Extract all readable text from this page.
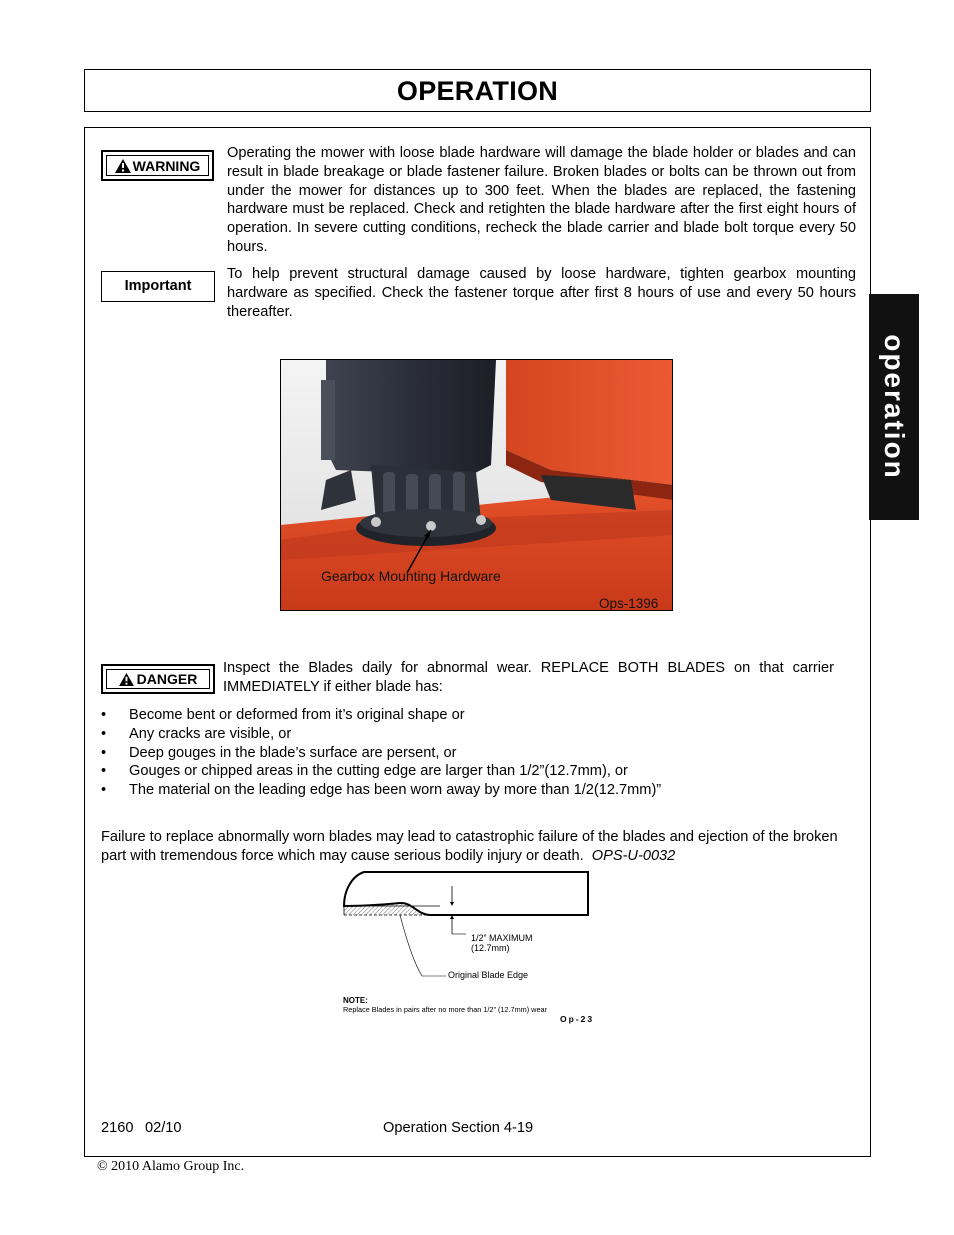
OPERATION
operation
WARNING
Operating the mower with loose blade hardware will damage the blade holder or blades and can result in blade breakage or blade fastener failure. Broken blades or bolts can be thrown out from under the mower for distances up to 300 feet. When the blades are replaced, the fastening hardware must be replaced. Check and retighten the blade hardware after the first eight hours of operation. In severe cutting conditions, recheck the blade carrier and blade bolt torque every 50 hours.
Important
To help prevent structural damage caused by loose hardware, tighten gearbox mounting hardware as specified. Check the fastener torque after first 8 hours of use and every 50 hours thereafter.
Gearbox Mounting Hardware
Ops-1396
DANGER
Inspect the Blades daily for abnormal wear. REPLACE BOTH BLADES on that carrier IMMEDIATELY if either blade has:
• Become bent or deformed from it’s original shape or
• Any cracks are visible, or
• Deep gouges in the blade’s surface are persent, or
• Gouges or chipped areas in the cutting edge are larger than 1/2”(12.7mm), or
• The material on the leading edge has been worn away by more than 1/2(12.7mm)”
Failure to replace abnormally worn blades may lead to catastrophic failure of the blades and ejection of the broken part with tremendous force which may cause serious bodily injury or death. OPS-U-0032
1/2” MAXIMUM
(12.7mm)
Original Blade Edge
NOTE:
Replace Blades in pairs after no more than 1/2” (12.7mm) wear
Op-23
2160 02/10	Operation Section 4-19
© 2010 Alamo Group Inc.
